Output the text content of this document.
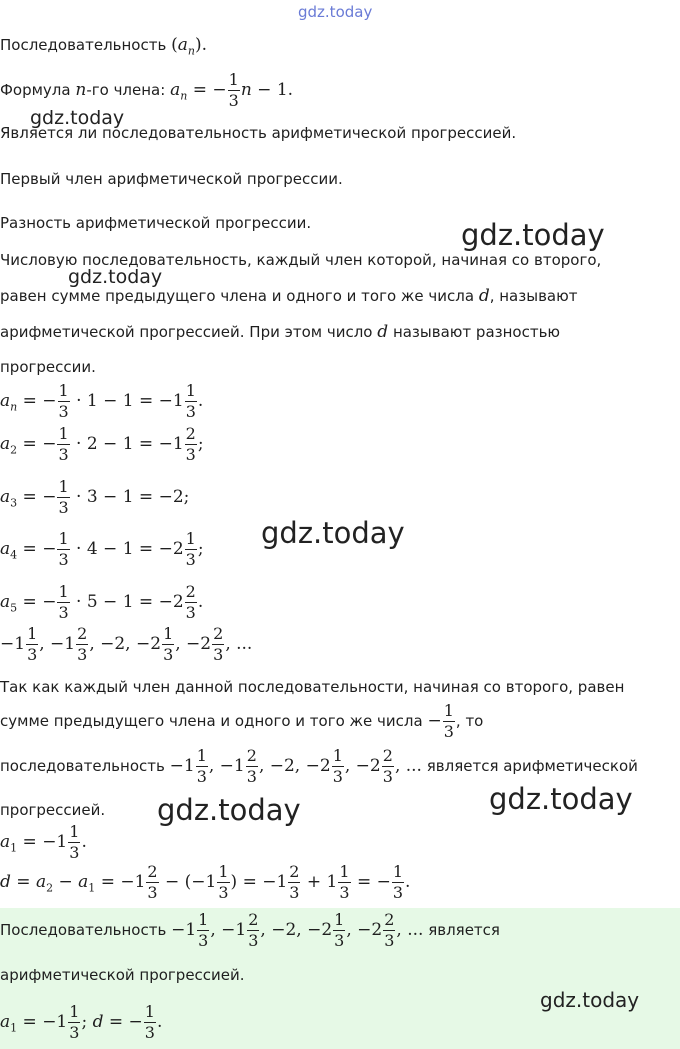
gdz.today
Последовательность $(a_n)$.
Формула n-го члена: $a_n$ = − $\frac{1}{3}$ n − 1.
gdz.today
Является ли последовательность арифметической прогрессией.
Первый член арифметической прогрессии.
Разность арифметической прогрессии.	gdz.today
Числовую последовательность, каждый член которой, начиная со второго,
gdz.today
равен сумме предыдущего члена и одного и того же числа d, называют
арифметической прогрессией. При этом число d называют разностью
прогрессии.
$a_n$ = − $\frac{1}{3} \cdot 1 - 1 = -1 \frac{1}{3}$ .
$a_2$ = − $\frac{1}{3} \cdot 2 - 1 = -1 \frac{2}{3}$ ;
$a_3$ = − $\frac{1}{3} \cdot 3 - 1 = -2$;
gdz.today
$a_4$ = − $\frac{1}{3} \cdot 4 - 1 = -2 \frac{1}{3}$ ;
$a_5$ = − $\frac{1}{3} \cdot 5 - 1 = -2 \frac{2}{3}$ .
$-1 \frac{1}{3}$ , $-1 \frac{2}{3}$ , −2, $-2 \frac{1}{3}$ , $-2 \frac{2}{3}$ , ...
Так как каждый член данной последовательности, начиная со второго, равен
сумме предыдущего члена и одного и того же числа − $\frac{1}{3}$ , то
последовательность $-1 \frac{1}{3}$ , $-1 \frac{2}{3}$ , −2, $-2 \frac{1}{3}$ , $-2 \frac{2}{3}$ , ... является арифметической
gdz.today
gdz.today
прогрессией.
$a_1 = -1 \frac{1}{3}$ .
$d = a_2 - a_1 = -1 \frac{2}{3} - (-1 \frac{1}{3}$ ) = $-1 \frac{2}{3} + 1 \frac{1}{3}$ = − $\frac{1}{3}$ .
Последовательность $-1 \frac{1}{3}$ , $-1 \frac{2}{3}$ , −2, $-2 \frac{1}{3}$ , $-2 \frac{2}{3}$ , ... является
арифметической прогрессией.
gdz.today
$a_1 = -1 \frac{1}{3}$ ; d = − $\frac{1}{3}$ .
